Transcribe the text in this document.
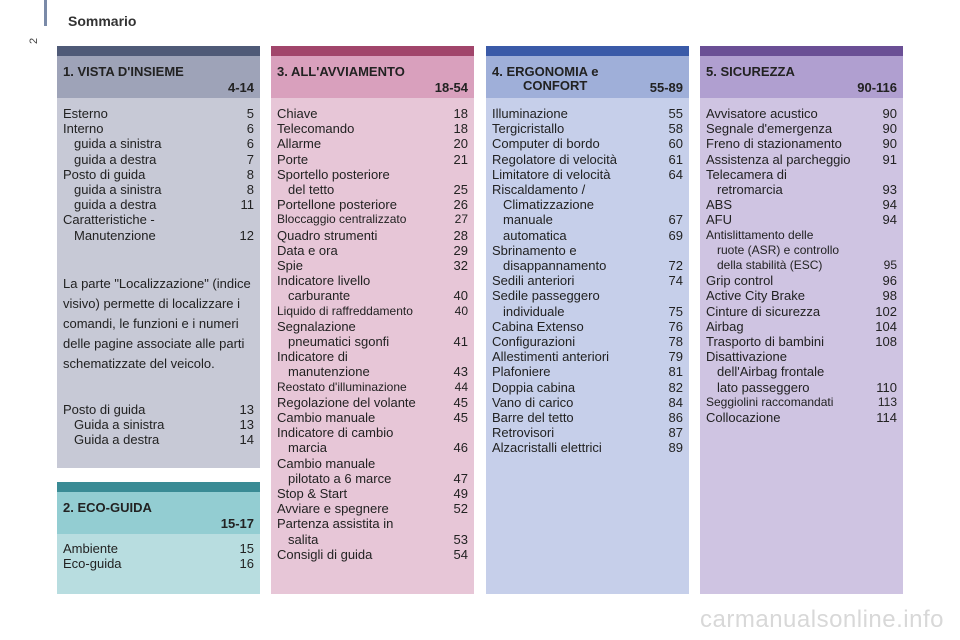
Sommario
2
1. VISTA D'INSIEME
4-14
Esterno	5
Interno	6
guida a sinistra	6
guida a destra	7
Posto di guida	8
guida a sinistra	8
guida a destra	11
Caratteristiche -
Manutenzione	12
La parte "Localizzazione" (indice visivo) permette di localizzare i comandi, le funzioni e i numeri delle pagine associate alle parti schematizzate del veicolo.
Posto di guida	13
Guida a sinistra	13
Guida a destra	14
2. ECO-GUIDA
15-17
Ambiente	15
Eco-guida	16
3. ALL'AVVIAMENTO
18-54
Chiave	18
Telecomando	18
Allarme	20
Porte	21
Sportello posteriore
del tetto	25
Portellone posteriore	26
Bloccaggio centralizzato	27
Quadro strumenti	28
Data e ora	29
Spie	32
Indicatore livello
carburante	40
Liquido di raffreddamento	40
Segnalazione
pneumatici sgonfi	41
Indicatore di
manutenzione	43
Reostato d'illuminazione	44
Regolazione del volante	45
Cambio manuale	45
Indicatore di cambio
marcia	46
Cambio manuale
pilotato a 6 marce	47
Stop & Start	49
Avviare e spegnere	52
Partenza assistita in
salita	53
Consigli di guida	54
4. ERGONOMIA e
CONFORT	55-89
Illuminazione	55
Tergicristallo	58
Computer di bordo	60
Regolatore di velocità	61
Limitatore di velocità	64
Riscaldamento /
Climatizzazione
manuale	67
automatica	69
Sbrinamento e
disappannamento	72
Sedili anteriori	74
Sedile passeggero
individuale	75
Cabina Extenso	76
Configurazioni	78
Allestimenti anteriori	79
Plafoniere	81
Doppia cabina	82
Vano di carico	84
Barre del tetto	86
Retrovisori	87
Alzacristalli elettrici	89
5. SICUREZZA
90-116
Avvisatore acustico	90
Segnale d'emergenza	90
Freno di stazionamento	90
Assistenza al parcheggio	91
Telecamera di
retromarcia	93
ABS	94
AFU	94
Antislittamento delle
ruote (ASR) e controllo
della stabilità (ESC)	95
Grip control	96
Active City Brake	98
Cinture di sicurezza	102
Airbag	104
Trasporto di bambini	108
Disattivazione
dell'Airbag frontale
lato passeggero	110
Seggiolini raccomandati	113
Collocazione	114
carmanualsonline.info
